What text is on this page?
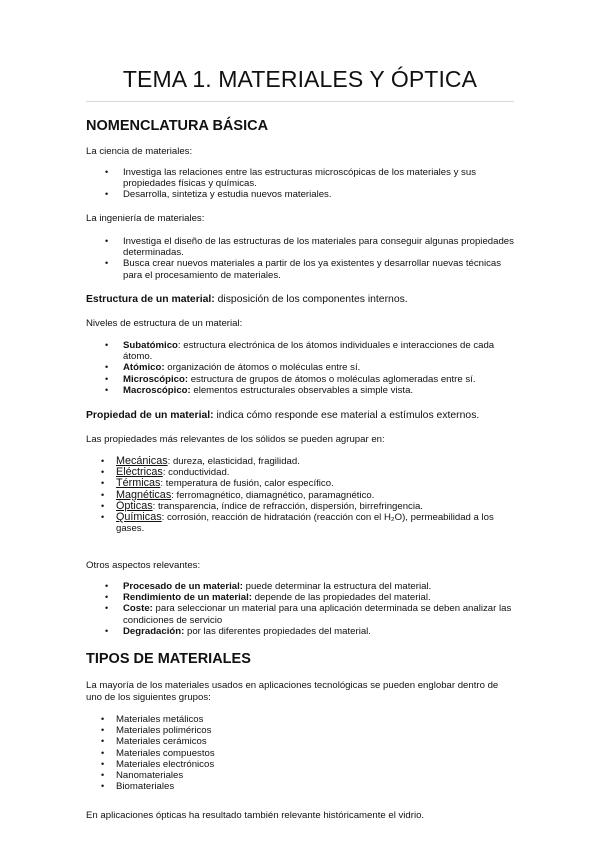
TEMA 1. MATERIALES Y ÓPTICA
NOMENCLATURA BÁSICA

La ciencia de materiales:

• Investiga las relaciones entre las estructuras microscópicas de los materiales y sus propiedades físicas y químicas.
• Desarrolla, sintetiza y estudia nuevos materiales.

La ingeniería de materiales:

• Investiga el diseño de las estructuras de los materiales para conseguir algunas propiedades determinadas.
• Busca crear nuevos materiales a partir de los ya existentes y desarrollar nuevas técnicas para el procesamiento de materiales.

Estructura de un material: disposición de los componentes internos.

Niveles de estructura de un material:

• Subatómico: estructura electrónica de los átomos individuales e interacciones de cada átomo.
• Atómico: organización de átomos o moléculas entre sí.
• Microscópico: estructura de grupos de átomos o moléculas aglomeradas entre sí.
• Macroscópico: elementos estructurales observables a simple vista.

Propiedad de un material: indica cómo responde ese material a estímulos externos.

Las propiedades más relevantes de los sólidos se pueden agrupar en:

• Mecánicas: dureza, elasticidad, fragilidad.
• Eléctricas: conductividad.
• Térmicas: temperatura de fusión, calor específico.
• Magnéticas: ferromagnético, diamagnético, paramagnético.
• Ópticas: transparencia, índice de refracción, dispersión, birrefringencia.
• Químicas: corrosión, reacción de hidratación (reacción con el H₂O), permeabilidad a los gases.

Otros aspectos relevantes:

• Procesado de un material: puede determinar la estructura del material.
• Rendimiento de un material: depende de las propiedades del material.
• Coste: para seleccionar un material para una aplicación determinada se deben analizar las condiciones de servicio
• Degradación: por las diferentes propiedades del material.
TIPOS DE MATERIALES

La mayoría de los materiales usados en aplicaciones tecnológicas se pueden englobar dentro de uno de los siguientes grupos:

• Materiales metálicos
• Materiales poliméricos
• Materiales cerámicos
• Materiales compuestos
• Materiales electrónicos
• Nanomateriales
• Biomateriales

En aplicaciones ópticas ha resultado también relevante históricamente el vidrio.
